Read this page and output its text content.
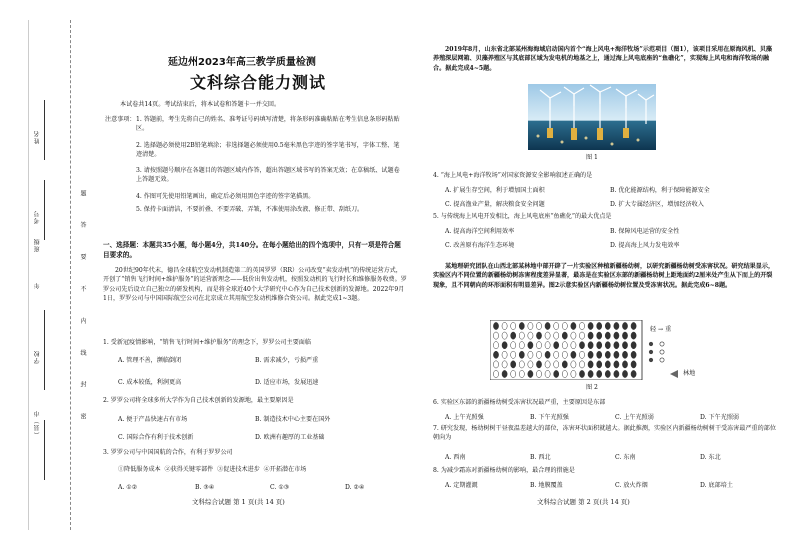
姓名
考号
班级
年
学校
（县）市	题 答 要 不 内 线 封 密
延边州2023年高三教学质量检测
文科综合能力测试
本试卷共14页。考试结束后，将本试卷和答题卡一并交回。
注意事项： 1. 答题前，考生先将自己的姓名、准考证号码填写清楚，将条形码准确粘贴在考生信息条形码粘贴区。
2. 选择题必须使用2B铅笔填涂；非选择题必须使用0.5毫米黑色字迹的签字笔书写，字体工整、笔迹清楚。
3. 请按照题号顺序在各题目的答题区域内作答，超出答题区域书写的答案无效；在草稿纸、试题卷上答题无效。
4. 作图可先使用铅笔画出，确定后必须用黑色字迹的签字笔描黑。
5. 保持卡面清洁，不要折叠、不要弄破、弄皱，不准使用涂改液、修正带、刮纸刀。
一、选择题：本题共35小题，每小题4分，共140分。在每小题给出的四个选项中，只有一项是符合题目要求的。
20世纪90年代末，德昌全球航空发动机制造第二的英国罗罗（RR）公司改变“卖发动机”的传统运营方式，开创了“销售飞行时间+维护服务”的运营新理念——低价出售发动机，按照发动机的飞行时长和维修服务收费。罗罗公司先后设立自己独立的研发机构，而是将全球近40个大学研究中心作为自己技术创新的发源地。2022年9月1日，罗罗公司与中国国际航空公司在北京成立其用航空发动机维修合资公司。据此完成1~3题。
1. 受新冠疫情影响，“销售飞行时间+维护服务”的理念下，罗罗公司主要面临
A. 管理不善，濒临倒闭	B. 需求减少，亏损严重
C. 成本较低，利润更高	D. 适应市场，发展迅速
2. 罗罗公司将全球多所大学作为自己技术创新的发源地，最主要原因是
A. 便于产品快速占有市场	B. 制造技术中心主要在国外
C. 国际合作有利于技术创新	D. 欧洲有趣厚的工业基础
3. 罗罗公司与中国国航的合作，有利于罗罗公司
①降低服务成本  ②获得关键零部件  ③促进技术进步  ④开拓潜在市场
A. ①②	B. ③④	C. ①③	D. ②④
文科综合试题 第 1 页(共 14 页)
2019年8月，山东省北部某州海海域启动国内首个“海上风电+海洋牧场”示范项目（图1），该项目采用在原海风机、贝藻养殖深层网箱、贝藻养殖区与其底部区域为发电机的地基之上，通过海上风电底座的“鱼礁化”，实现海上风电和海洋牧场的融合。据此完成4~5题。
图 1
4. “海上风电+海洋牧场”对国家资源安全影响叙述正确的是
A. 扩展生存空间，利于增加国土面积	B. 优化能源结构，利于保障能源安全
C. 提高渔业产量，解决粮食安全问题	D. 扩大专属经济区，增加经济收入
5. 与传统海上风电开发相比，海上风电底座“鱼礁化”的最大优点是
A. 提高海洋空间利用效率	B. 保障风电运营的安全性
C. 改善原有海洋生态环境	D. 提高海上风力发电效率
某地理研究团队在山西北部某林地中部开辟了一片实验区种植新疆杨幼树，以研究新疆杨幼树受冻害状况。研究结果显示，实验区内不同位置的新疆杨幼树冻害程度差异显著，最冻是在实验区东部的新疆杨幼树上距地面约2厘米处产生从下而上的开裂现象，且不同朝向的环形面积有明显差异。图2示意实验区内新疆杨幼树位置及受冻害状况。据此完成6~8题。
林地
轻 → 重
图 2
6. 实验区东部的新疆杨幼树受冻害状况最严重，主要原因是东部
A. 上午光照强	B. 下午光照强	C. 上午光照弱	D. 下午光照弱
7. 研究发现，杨幼树树干昼夜温差越大的部位，冻害环状面积就越大。据此推测，实验区内新疆杨幼树树干受冻害最严重的部位朝向为
A. 西南	B. 西北	C. 东南	D. 东北
8. 为减少霜冻对新疆杨幼树的影响，最合理的措施是
A. 定期灌溉	B. 地膜覆盖	C. 放火炸烟	D. 底部培土
文科综合试题 第 2 页(共 14 页)
